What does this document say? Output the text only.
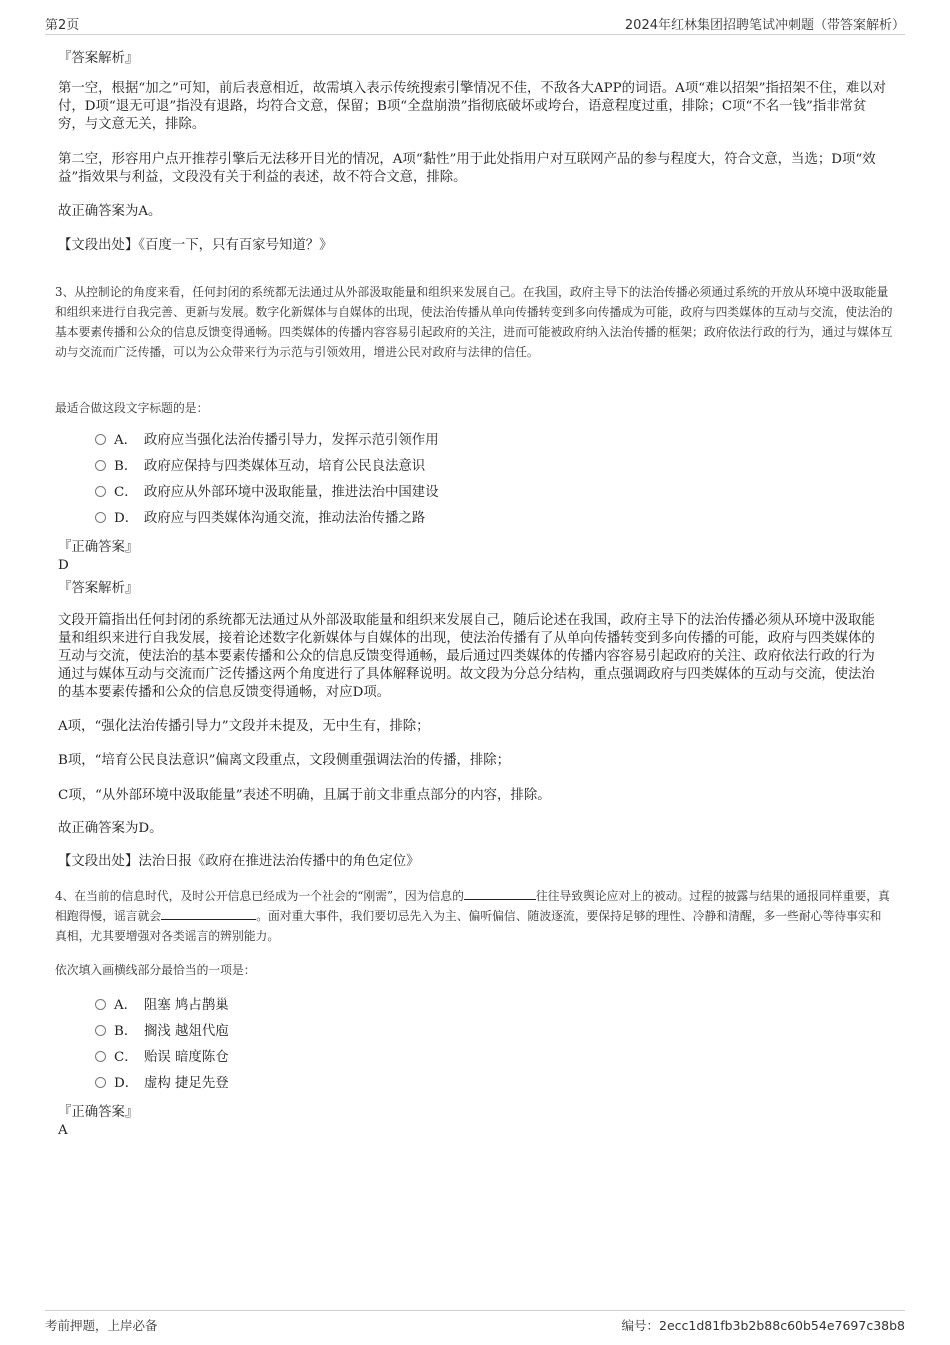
第2页	2024年红林集团招聘笔试冲刺题（带答案解析）
『答案解析』
第一空，根据“加之”可知，前后表意相近，故需填入表示传统搜索引擎情况不佳，不敌各大APP的词语。A项“难以招架”指招架不住，难以对付，D项“退无可退”指没有退路，均符合文意，保留；B项“全盘崩溃”指彻底破坏或垮台，语意程度过重，排除；C项“不名一钱”指非常贫穷，与文意无关，排除。
第二空，形容用户点开推荐引擎后无法移开目光的情况，A项“黏性”用于此处指用户对互联网产品的参与程度大，符合文意，当选；D项“效益”指效果与利益，文段没有关于利益的表述，故不符合文意，排除。
故正确答案为A。
【文段出处】《百度一下，只有百家号知道？》
3、从控制论的角度来看，任何封闭的系统都无法通过从外部汲取能量和组织来发展自己。在我国，政府主导下的法治传播必须通过系统的开放从环境中汲取能量和组织来进行自我完善、更新与发展。数字化新媒体与自媒体的出现，使法治传播从单向传播转变到多向传播成为可能，政府与四类媒体的互动与交流，使法治的基本要素传播和公众的信息反馈变得通畅。四类媒体的传播内容容易引起政府的关注，进而可能被政府纳入法治传播的框架；政府依法行政的行为，通过与媒体互动与交流而广泛传播，可以为公众带来行为示范与引领效用，增进公民对政府与法律的信任。
最适合做这段文字标题的是：
A． 政府应当强化法治传播引导力，发挥示范引领作用
B． 政府应保持与四类媒体互动，培育公民良法意识
C． 政府应从外部环境中汲取能量，推进法治中国建设
D． 政府应与四类媒体沟通交流，推动法治传播之路
『正确答案』
D
『答案解析』
文段开篇指出任何封闭的系统都无法通过从外部汲取能量和组织来发展自己，随后论述在我国，政府主导下的法治传播必须从环境中汲取能量和组织来进行自我发展，接着论述数字化新媒体与自媒体的出现，使法治传播有了从单向传播转变到多向传播的可能，政府与四类媒体的互动与交流，使法治的基本要素传播和公众的信息反馈变得通畅，最后通过四类媒体的传播内容容易引起政府的关注、政府依法行政的行为通过与媒体互动与交流而广泛传播这两个角度进行了具体解释说明。故文段为分总分结构，重点强调政府与四类媒体的互动与交流，使法治的基本要素传播和公众的信息反馈变得通畅，对应D项。
A项，“强化法治传播引导力”文段并未提及，无中生有，排除；
B项，“培育公民良法意识”偏离文段重点，文段侧重强调法治的传播，排除；
C项，“从外部环境中汲取能量”表述不明确，且属于前文非重点部分的内容，排除。
故正确答案为D。
【文段出处】法治日报《政府在推进法治传播中的角色定位》
4、在当前的信息时代，及时公开信息已经成为一个社会的“刚需”，因为信息的	往往导致舆论应对上的被动。过程的披露与结果的通报同样重要，真相跑得慢，谣言就会	。面对重大事件，我们要切忌先入为主、偏听偏信、随波逐流，要保持足够的理性、冷静和清醒，多一些耐心等待事实和真相，尤其要增强对各类谣言的辨别能力。
依次填入画横线部分最恰当的一项是：
A． 阻塞 鸠占鹊巢
B． 搁浅 越俎代庖
C． 贻误 暗度陈仓
D． 虚构 捷足先登
『正确答案』
A
考前押题，上岸必备	编号：2ecc1d81fb3b2b88c60b54e7697c38b8
